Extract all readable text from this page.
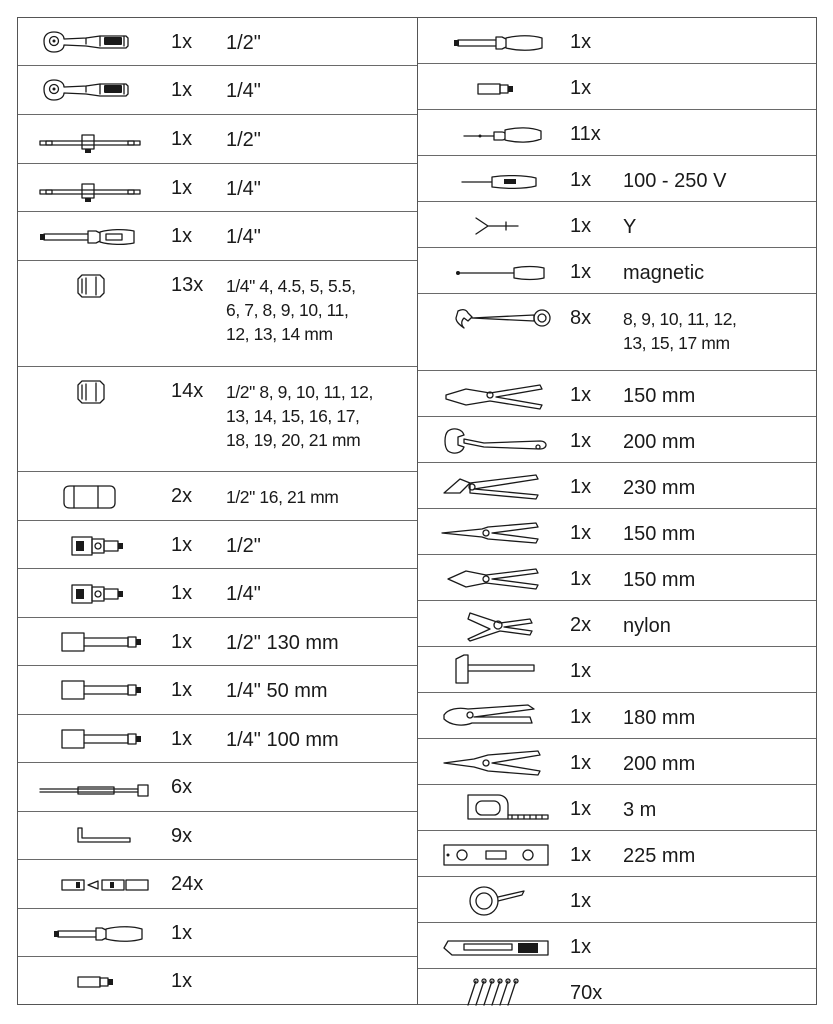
1x 1/2"
1x 1/4"
1x 1/2"
1x 1/4"
1x 1/4"
13x 1/4" 4, 4.5, 5, 5.5,
6, 7, 8, 9, 10, 11,
12, 13, 14 mm
14x 1/2" 8, 9, 10, 11, 12,
13, 14, 15, 16, 17,
18, 19, 20, 21 mm
2x 1/2" 16, 21 mm
1x 1/2"
1x 1/4"
1x 1/2" 130 mm
1x 1/4" 50 mm
1x 1/4" 100 mm
6x
9x
24x
1x
1x
1x
1x
11x
1x 100 - 250 V
1x Y
1x magnetic
8x 8, 9, 10, 11, 12,
13, 15, 17 mm
1x 150 mm
1x 200 mm
1x 230 mm
1x 150 mm
1x 150 mm
2x nylon
1x
1x 180 mm
1x 200 mm
1x 3 m
1x 225 mm
1x
1x
70x
